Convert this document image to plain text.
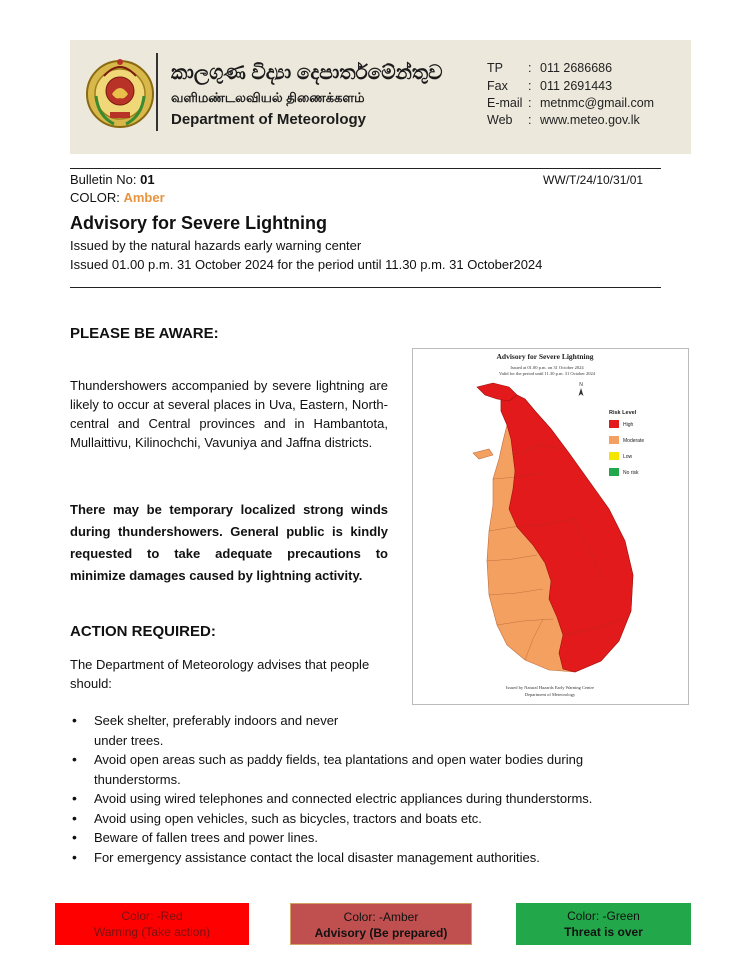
කාලගුණ විද්‍යා දෙපාර්තමේන්තුව
வளிமண்டலவியல் திணைக்களம்
Department of Meteorology
TP : 011 2686686
Fax : 011 2691443
E-mail : metnmc@gmail.com
Web : www.meteo.gov.lk
Bulletin No: 01	WW/T/24/10/31/01
COLOR: Amber
Advisory for Severe Lightning
Issued by the natural hazards early warning center
Issued 01.00 p.m. 31 October 2024 for the period until 11.30 p.m. 31 October2024
PLEASE BE AWARE:
Thundershowers accompanied by severe lightning are likely to occur at several places in Uva, Eastern, North-central and Central provinces and in Hambantota, Mullaittivu, Kilinochchi, Vavuniya and Jaffna districts.
There may be temporary localized strong winds during thundershowers. General public is kindly requested to take adequate precautions to minimize damages caused by lightning activity.
ACTION REQUIRED:
The Department of Meteorology advises that people should:
• Seek shelter, preferably indoors and never under trees.
• Avoid open areas such as paddy fields, tea plantations and open water bodies during thunderstorms.
• Avoid using wired telephones and connected electric appliances during thunderstorms.
• Avoid using open vehicles, such as bicycles, tractors and boats etc.
• Beware of fallen trees and power lines.
• For emergency assistance contact the local disaster management authorities.
Advisory for Severe Lightning
Issued at 01.00 p.m. on 31 October 2024
Valid for the period until 11.30 p.m. 31 October 2024
N
Risk Level
High
Moderate
Low
No risk
Issued by Natural Hazards Early Warning Centre
Department of Meteorology
Color: -Red
Warning (Take action)
Color: -Amber
Advisory (Be prepared)
Color: -Green
Threat is over
